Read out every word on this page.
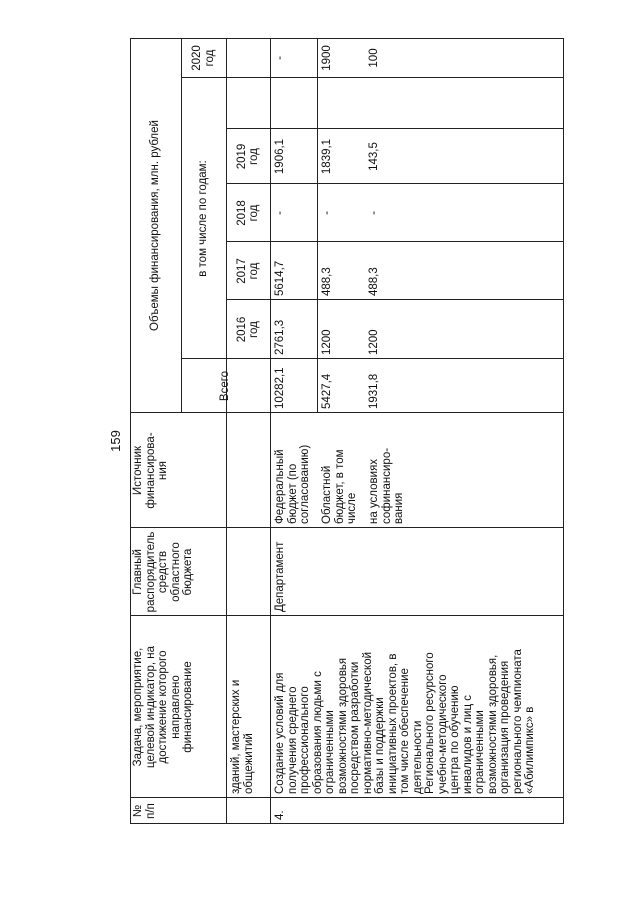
159
№
п/п
Задача, мероприятие,
целевой индикатор, на
достижение которого
направлено
финансирование
Главный
распорядитель
средств
областного
бюджета
Источник
финансирова-
ния
Объемы финансирования, млн. рублей
Всего
в том числе по годам:
2020
год
2016
год
2017
год
2018
год
2019
год
зданий, мастерских и
общежитий
4.
Создание условий для
получения среднего
профессионального
образования людьми с
ограниченными
возможностями здоровья
посредством разработки
нормативно-методической
базы и поддержки
инициативных проектов, в
том числе обеспечение
деятельности
Регионального ресурсного
учебно-методического
центра по обучению
инвалидов и лиц с
ограниченными
возможностями здоровья,
организация проведения
регионального чемпионата
«Абилимпикс» в
Департамент
Федеральный
бюджет (по
согласованию)
10282,1
2761,3
5614,7
-
1906,1
-
Областной
бюджет, в том
числе
5427,4
1200
488,3
-
1839,1
1900
на условиях
софинансиро-
вания
1931,8
1200
488,3
-
143,5
100
